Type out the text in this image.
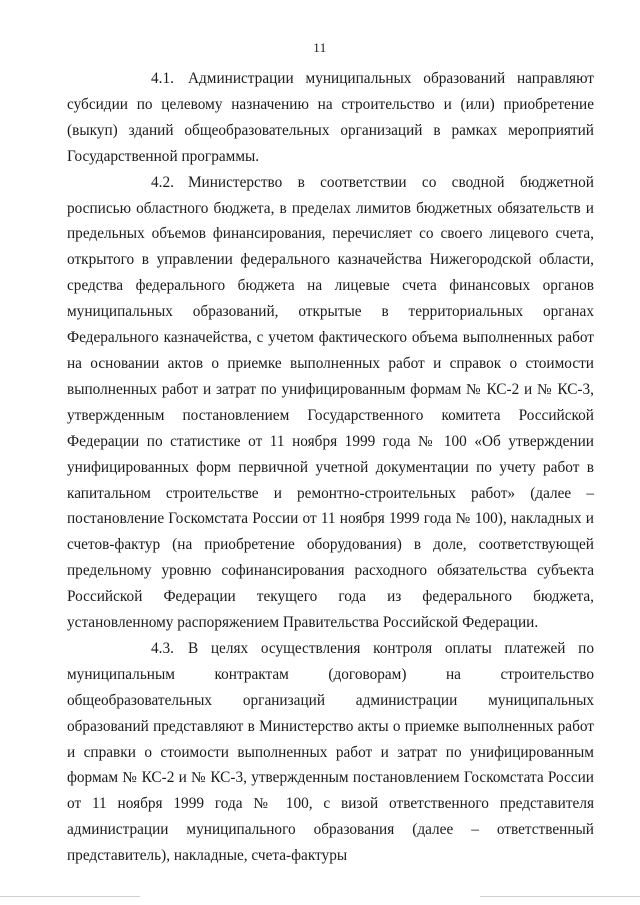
11

4.1. Администрации муниципальных образований направляют субсидии по целевому назначению на строительство и (или) приобретение (выкуп) зданий общеобразовательных организаций в рамках мероприятий Государственной программы.

4.2. Министерство в соответствии со сводной бюджетной росписью областного бюджета, в пределах лимитов бюджетных обязательств и предельных объемов финансирования, перечисляет со своего лицевого счета, открытого в управлении федерального казначейства Нижегородской области, средства федерального бюджета на лицевые счета финансовых органов муниципальных образований, открытые в территориальных органах Федерального казначейства, с учетом фактического объема выполненных работ на основании актов о приемке выполненных работ и справок о стоимости выполненных работ и затрат по унифицированным формам № КС-2 и № КС-3, утвержденным постановлением Государственного комитета Российской Федерации по статистике от 11 ноября 1999 года № 100 «Об утверждении унифицированных форм первичной учетной документации по учету работ в капитальном строительстве и ремонтно-строительных работ» (далее – постановление Госкомстата России от 11 ноября 1999 года № 100), накладных и счетов-фактур (на приобретение оборудования) в доле, соответствующей предельному уровню софинансирования расходного обязательства субъекта Российской Федерации текущего года из федерального бюджета, установленному распоряжением Правительства Российской Федерации.

4.3. В целях осуществления контроля оплаты платежей по муниципальным контрактам (договорам) на строительство общеобразовательных организаций администрации муниципальных образований представляют в Министерство акты о приемке выполненных работ и справки о стоимости выполненных работ и затрат по унифицированным формам № КС-2 и № КС-3, утвержденным постановлением Госкомстата России от 11 ноября 1999 года № 100, с визой ответственного представителя администрации муниципального образования (далее – ответственный представитель), накладные, счета-фактуры
